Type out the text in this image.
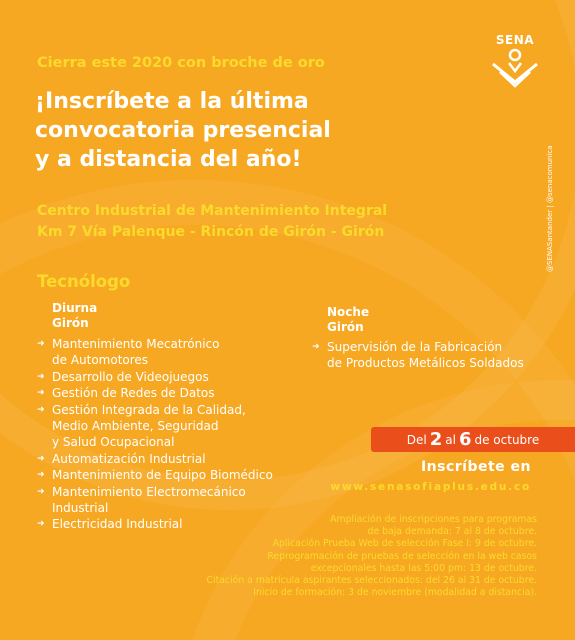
Cierra este 2020 con broche de oro
¡Inscríbete a la última
convocatoria presencial
y a distancia del año!
Centro Industrial de Mantenimiento Integral
Km 7 Vía Palenque - Rincón de Girón - Girón
Tecnólogo
Diurna
Girón
➜ Mantenimiento Mecatrónico
de Automotores
➜ Desarrollo de Videojuegos
➜ Gestión de Redes de Datos
➜ Gestión Integrada de la Calidad,
Medio Ambiente, Seguridad
y Salud Ocupacional
➜ Automatización Industrial
➜ Mantenimiento de Equipo Biomédico
➜ Mantenimiento Electromecánico
Industrial
➜ Electricidad Industrial
Noche
Girón
➜ Supervisión de la Fabricación
de Productos Metálicos Soldados
Del 2 al 6 de octubre
Inscríbete en
www.senasofiaplus.edu.co
Ampliación de inscripciones para programas
de baja demanda: 7 al 8 de octubre.
Aplicación Prueba Web de selección Fase I: 9 de octubre.
Reprogramación de pruebas de selección en la web casos
excepcionales hasta las 5:00 pm: 13 de octubre.
Citación a matrícula aspirantes seleccionados: del 26 al 31 de octubre.
Inicio de formación: 3 de noviembre (modalidad a distancia).
SENA
@SENASantander | @senacomunica
